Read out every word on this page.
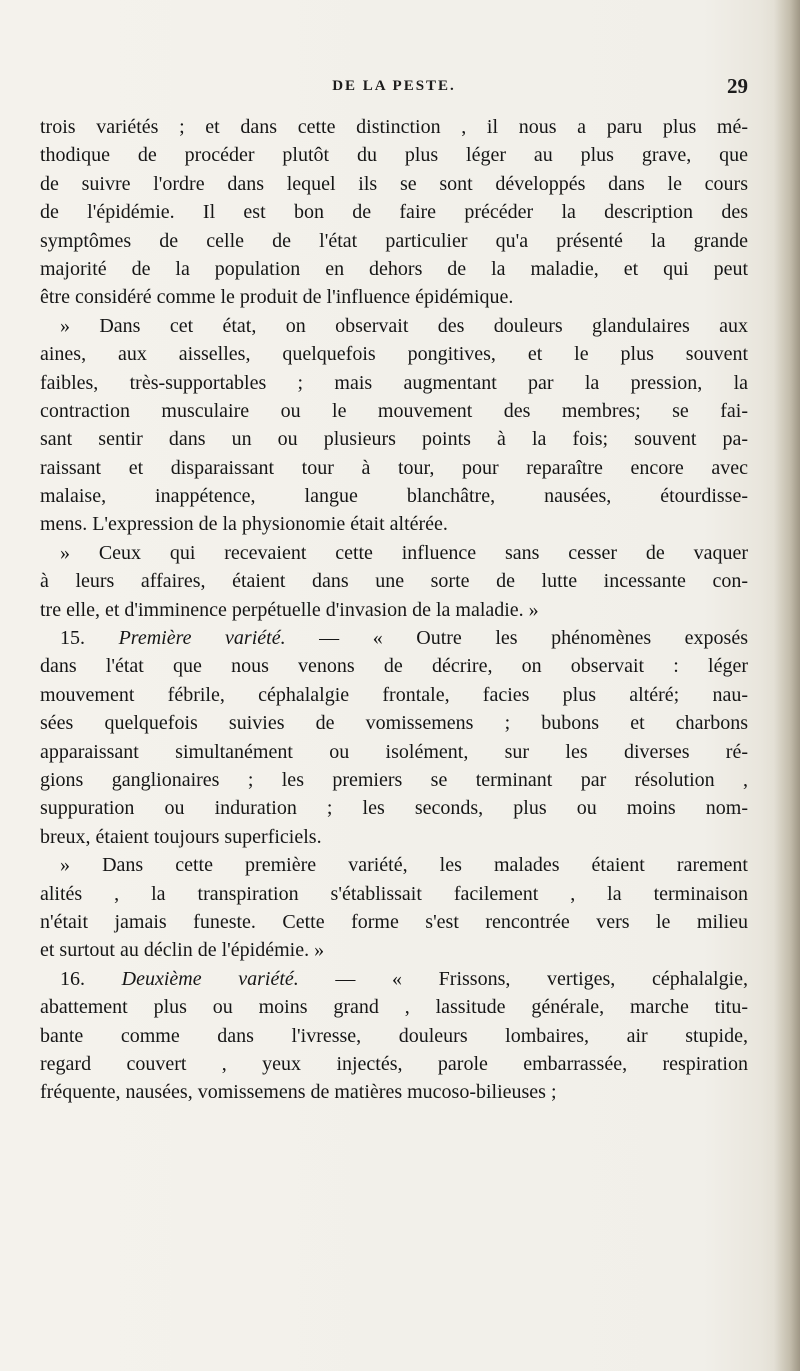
DE LA PESTE.	29
trois variétés ; et dans cette distinction , il nous a paru plus mé-
thodique de procéder plutôt du plus léger au plus grave, que
de suivre l'ordre dans lequel ils se sont développés dans le cours
de l'épidémie. Il est bon de faire précéder la description des
symptômes de celle de l'état particulier qu'a présenté la grande
majorité de la population en dehors de la maladie, et qui peut
être considéré comme le produit de l'influence épidémique.
» Dans cet état, on observait des douleurs glandulaires aux
aines, aux aisselles, quelquefois pongitives, et le plus souvent
faibles, très-supportables ; mais augmentant par la pression, la
contraction musculaire ou le mouvement des membres; se fai-
sant sentir dans un ou plusieurs points à la fois; souvent pa-
raissant et disparaissant tour à tour, pour reparaître encore avec
malaise, inappétence, langue blanchâtre, nausées, étourdisse-
mens. L'expression de la physionomie était altérée.
» Ceux qui recevaient cette influence sans cesser de vaquer
à leurs affaires, étaient dans une sorte de lutte incessante con-
tre elle, et d'imminence perpétuelle d'invasion de la maladie. »
15. Première variété. — « Outre les phénomènes exposés
dans l'état que nous venons de décrire, on observait : léger
mouvement fébrile, céphalalgie frontale, facies plus altéré; nau-
sées quelquefois suivies de vomissemens ; bubons et charbons
apparaissant simultanément ou isolément, sur les diverses ré-
gions ganglionaires ; les premiers se terminant par résolution ,
suppuration ou induration ; les seconds, plus ou moins nom-
breux, étaient toujours superficiels.
» Dans cette première variété, les malades étaient rarement
alités , la transpiration s'établissait facilement , la terminaison
n'était jamais funeste. Cette forme s'est rencontrée vers le milieu
et surtout au déclin de l'épidémie. »
16. Deuxième variété. — « Frissons, vertiges, céphalalgie,
abattement plus ou moins grand , lassitude générale, marche titu-
bante comme dans l'ivresse, douleurs lombaires, air stupide,
regard couvert , yeux injectés, parole embarrassée, respiration
fréquente, nausées, vomissemens de matières mucoso-bilieuses ;
